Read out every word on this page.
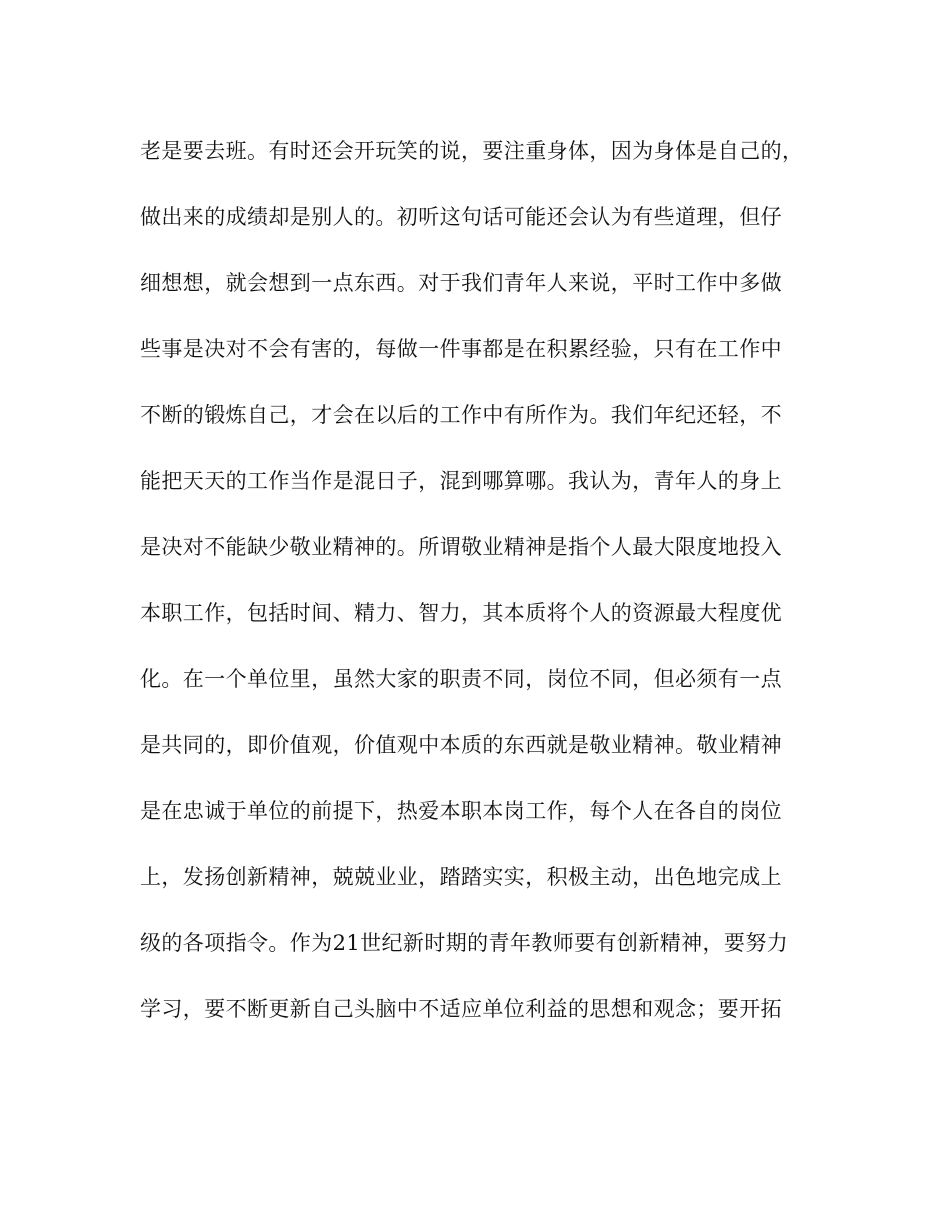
老是要去班。有时还会开玩笑的说，要注重身体，因为身体是自己的，
做出来的成绩却是别人的。初听这句话可能还会认为有些道理，但仔
细想想，就会想到一点东西。对于我们青年人来说，平时工作中多做
些事是决对不会有害的，每做一件事都是在积累经验，只有在工作中
不断的锻炼自己，才会在以后的工作中有所作为。我们年纪还轻，不
能把天天的工作当作是混日子，混到哪算哪。我认为，青年人的身上
是决对不能缺少敬业精神的。所谓敬业精神是指个人最大限度地投入
本职工作，包括时间、精力、智力，其本质将个人的资源最大程度优
化。在一个单位里，虽然大家的职责不同，岗位不同，但必须有一点
是共同的，即价值观，价值观中本质的东西就是敬业精神。敬业精神
是在忠诚于单位的前提下，热爱本职本岗工作，每个人在各自的岗位
上，发扬创新精神，兢兢业业，踏踏实实，积极主动，出色地完成上
级的各项指令。作为21世纪新时期的青年教师要有创新精神，要努力
学习，要不断更新自己头脑中不适应单位利益的思想和观念；要开拓
